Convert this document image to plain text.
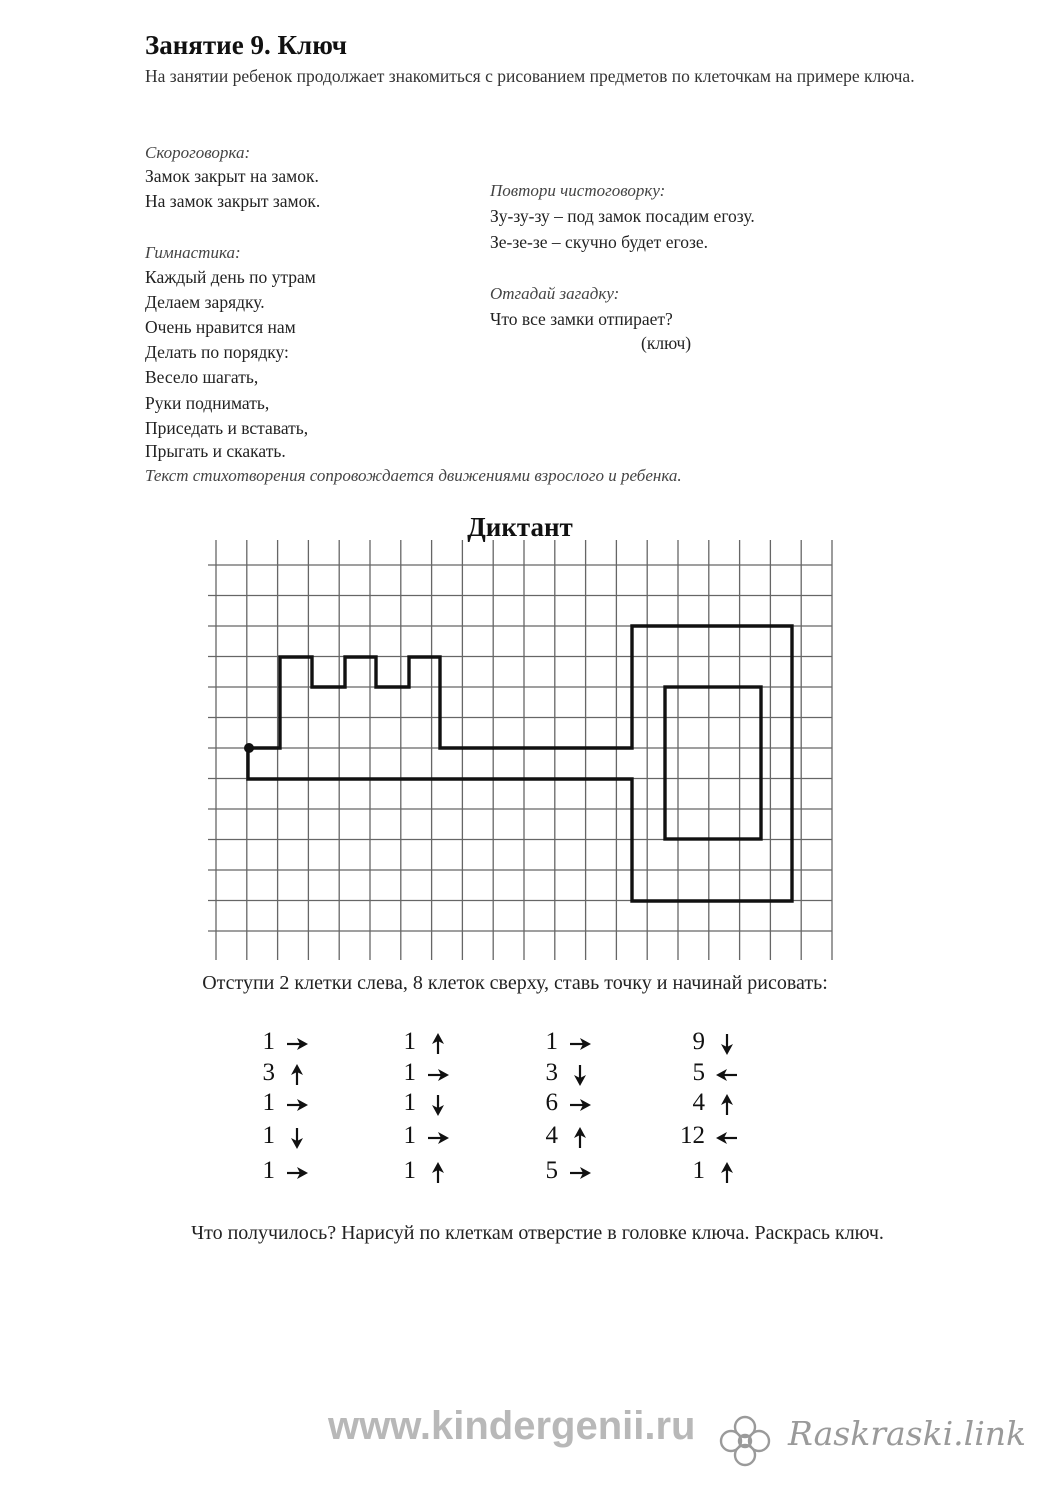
Занятие 9. Ключ
На занятии ребенок продолжает знакомиться с рисованием предметов по клеточкам на примере ключа.
Скороговорка:
Замок закрыт на замок.
На замок закрыт замок.
Гимнастика:
Каждый день по утрам
Делаем зарядку.
Очень нравится нам
Делать по порядку:
Весело шагать,
Руки поднимать,
Приседать и вставать,
Прыгать и скакать.
Повтори чистоговорку:
Зу-зу-зу – под замок посадим егозу.
Зе-зе-зе – скучно будет егозе.
Отгадай загадку:
Что все замки отпирает?
(ключ)
Текст стихотворения сопровождается движениями взрослого и ребенка.
Диктант
Отступи 2 клетки слева, 8 клеток сверху, ставь точку и начинай рисовать:
1
3
1
1
1
1
1
1
1
1
1
3
6
4
5
9
5
4
12
1
Что получилось? Нарисуй по клеткам отверстие в головке ключа. Раскрась ключ.
www.kindergenii.ru	Raskraski.link
